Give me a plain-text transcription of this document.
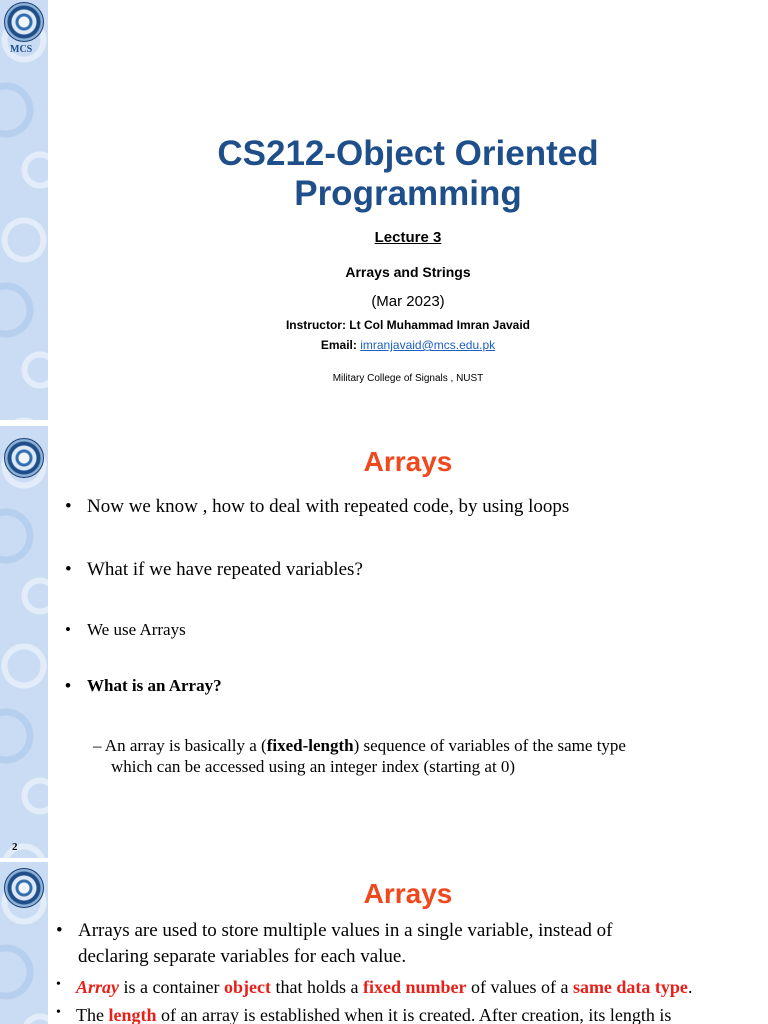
MCS
CS212-Object Oriented
Programming
Lecture 3
Arrays and Strings
(Mar 2023)
Instructor: Lt Col Muhammad Imran Javaid
Email: imranjavaid@mcs.edu.pk
Military College of Signals , NUST
Arrays
• Now we know , how to deal with repeated code, by using loops
• What if we have repeated variables?
• We use Arrays
• What is an Array?
– An array is basically a (fixed-length) sequence of variables of the same type
which can be accessed using an integer index (starting at 0)
2
Arrays
• Arrays are used to store multiple values in a single variable, instead of
declaring separate variables for each value.
• Array is a container object that holds a fixed number of values of a same data type.
• The length of an array is established when it is created. After creation, its length is
